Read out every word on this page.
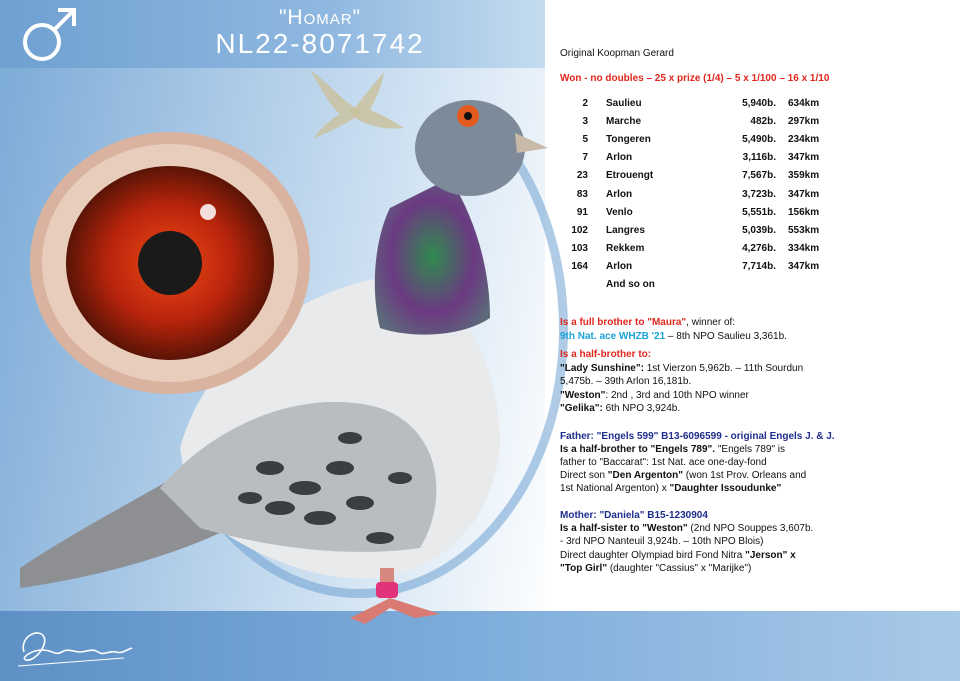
"Homar"
NL22-8071742	Original Koopman Gerard
Won - no doubles – 25 x prize (1/4) – 5 x 1/100 – 16 x 1/10
2	Saulieu	5,940b.	634km
3	Marche	482b.	297km
5	Tongeren	5,490b.	234km
7	Arlon	3,116b.	347km
23	Etrouengt	7,567b.	359km
83	Arlon	3,723b.	347km
91	Venlo	5,551b.	156km
102	Langres	5,039b.	553km
103	Rekkem	4,276b.	334km
164	Arlon	7,714b.	347km
	And so on		
Is a full brother to "Maura", winner of:
9th Nat. ace WHZB '21 – 8th NPO Saulieu 3,361b.
Is a half-brother to:
"Lady Sunshine": 1st Vierzon 5,962b. – 11th Sourdun 5,475b. – 39th Arlon 16,181b.
"Weston": 2nd , 3rd and 10th NPO winner
"Gelika": 6th NPO 3,924b.
Father: "Engels 599" B13-6096599 - original Engels J. & J.
Is a half-brother to "Engels 789". "Engels 789" is
father to "Baccarat": 1st Nat. ace one-day-fond
Direct son "Den Argenton" (won 1st Prov. Orleans and
1st National Argenton) x "Daughter Issoudunke"
Mother: "Daniela" B15-1230904
Is a half-sister to "Weston" (2nd NPO Souppes 3,607b.
- 3rd NPO Nanteuil 3,924b. – 10th NPO Blois)
Direct daughter Olympiad bird Fond Nitra "Jerson" x
"Top Girl" (daughter "Cassius" x "Marijke")
